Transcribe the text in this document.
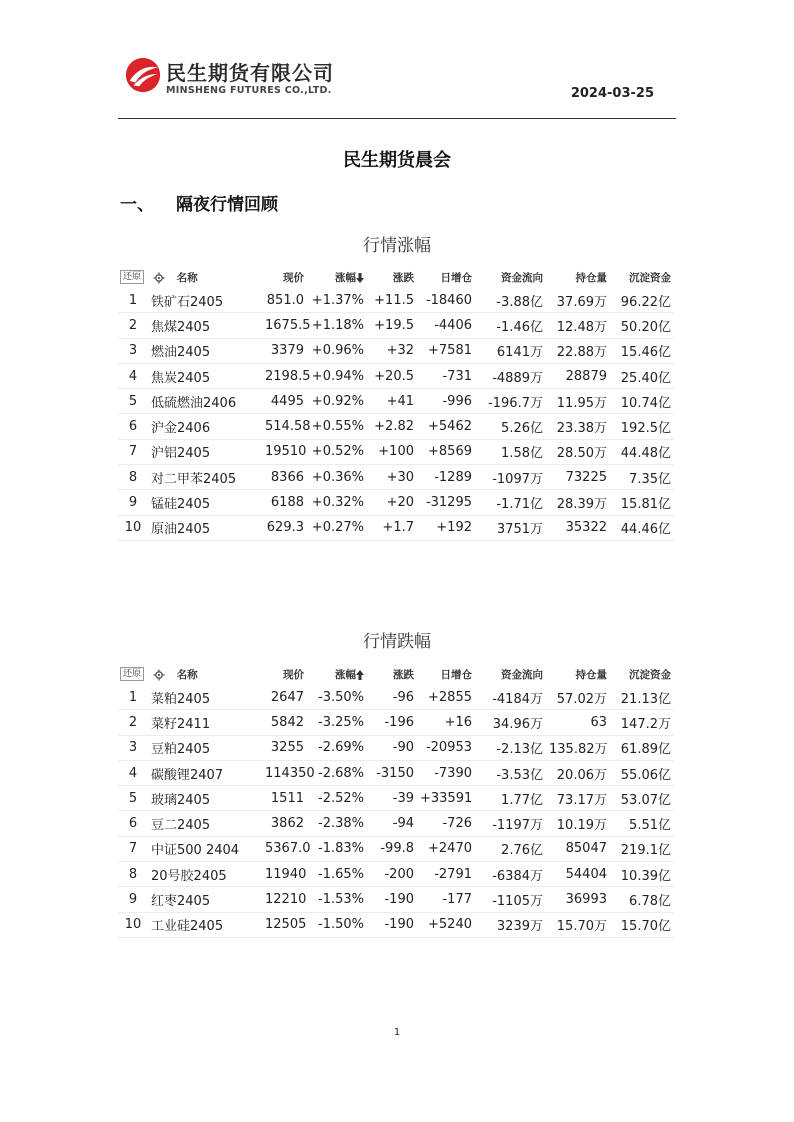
民生期货有限公司
MINSHENG FUTURES CO.,LTD.	2024-03-25
民生期货晨会
一、 隔夜行情回顾
行情涨幅
还原	名称	现价	涨幅	涨跌	日增仓	资金流向	持仓量	沉淀资金
1	铁矿石2405	851.0	+1.37%	+11.5	-18460	-3.88亿	37.69万	96.22亿
2	焦煤2405	1675.5	+1.18%	+19.5	-4406	-1.46亿	12.48万	50.20亿
3	燃油2405	3379	+0.96%	+32	+7581	6141万	22.88万	15.46亿
4	焦炭2405	2198.5	+0.94%	+20.5	-731	-4889万	28879	25.40亿
5	低硫燃油2406	4495	+0.92%	+41	-996	-196.7万	11.95万	10.74亿
6	沪金2406	514.58	+0.55%	+2.82	+5462	5.26亿	23.38万	192.5亿
7	沪铝2405	19510	+0.52%	+100	+8569	1.58亿	28.50万	44.48亿
8	对二甲苯2405	8366	+0.36%	+30	-1289	-1097万	73225	7.35亿
9	锰硅2405	6188	+0.32%	+20	-31295	-1.71亿	28.39万	15.81亿
10	原油2405	629.3	+0.27%	+1.7	+192	3751万	35322	44.46亿
行情跌幅
还原	名称	现价	涨幅	涨跌	日增仓	资金流向	持仓量	沉淀资金
1	菜粕2405	2647	-3.50%	-96	+2855	-4184万	57.02万	21.13亿
2	菜籽2411	5842	-3.25%	-196	+16	34.96万	63	147.2万
3	豆粕2405	3255	-2.69%	-90	-20953	-2.13亿	135.82万	61.89亿
4	碳酸锂2407	114350	-2.68%	-3150	-7390	-3.53亿	20.06万	55.06亿
5	玻璃2405	1511	-2.52%	-39	+33591	1.77亿	73.17万	53.07亿
6	豆二2405	3862	-2.38%	-94	-726	-1197万	10.19万	5.51亿
7	中证500 2404	5367.0	-1.83%	-99.8	+2470	2.76亿	85047	219.1亿
8	20号胶2405	11940	-1.65%	-200	-2791	-6384万	54404	10.39亿
9	红枣2405	12210	-1.53%	-190	-177	-1105万	36993	6.78亿
10	工业硅2405	12505	-1.50%	-190	+5240	3239万	15.70万	15.70亿
1
